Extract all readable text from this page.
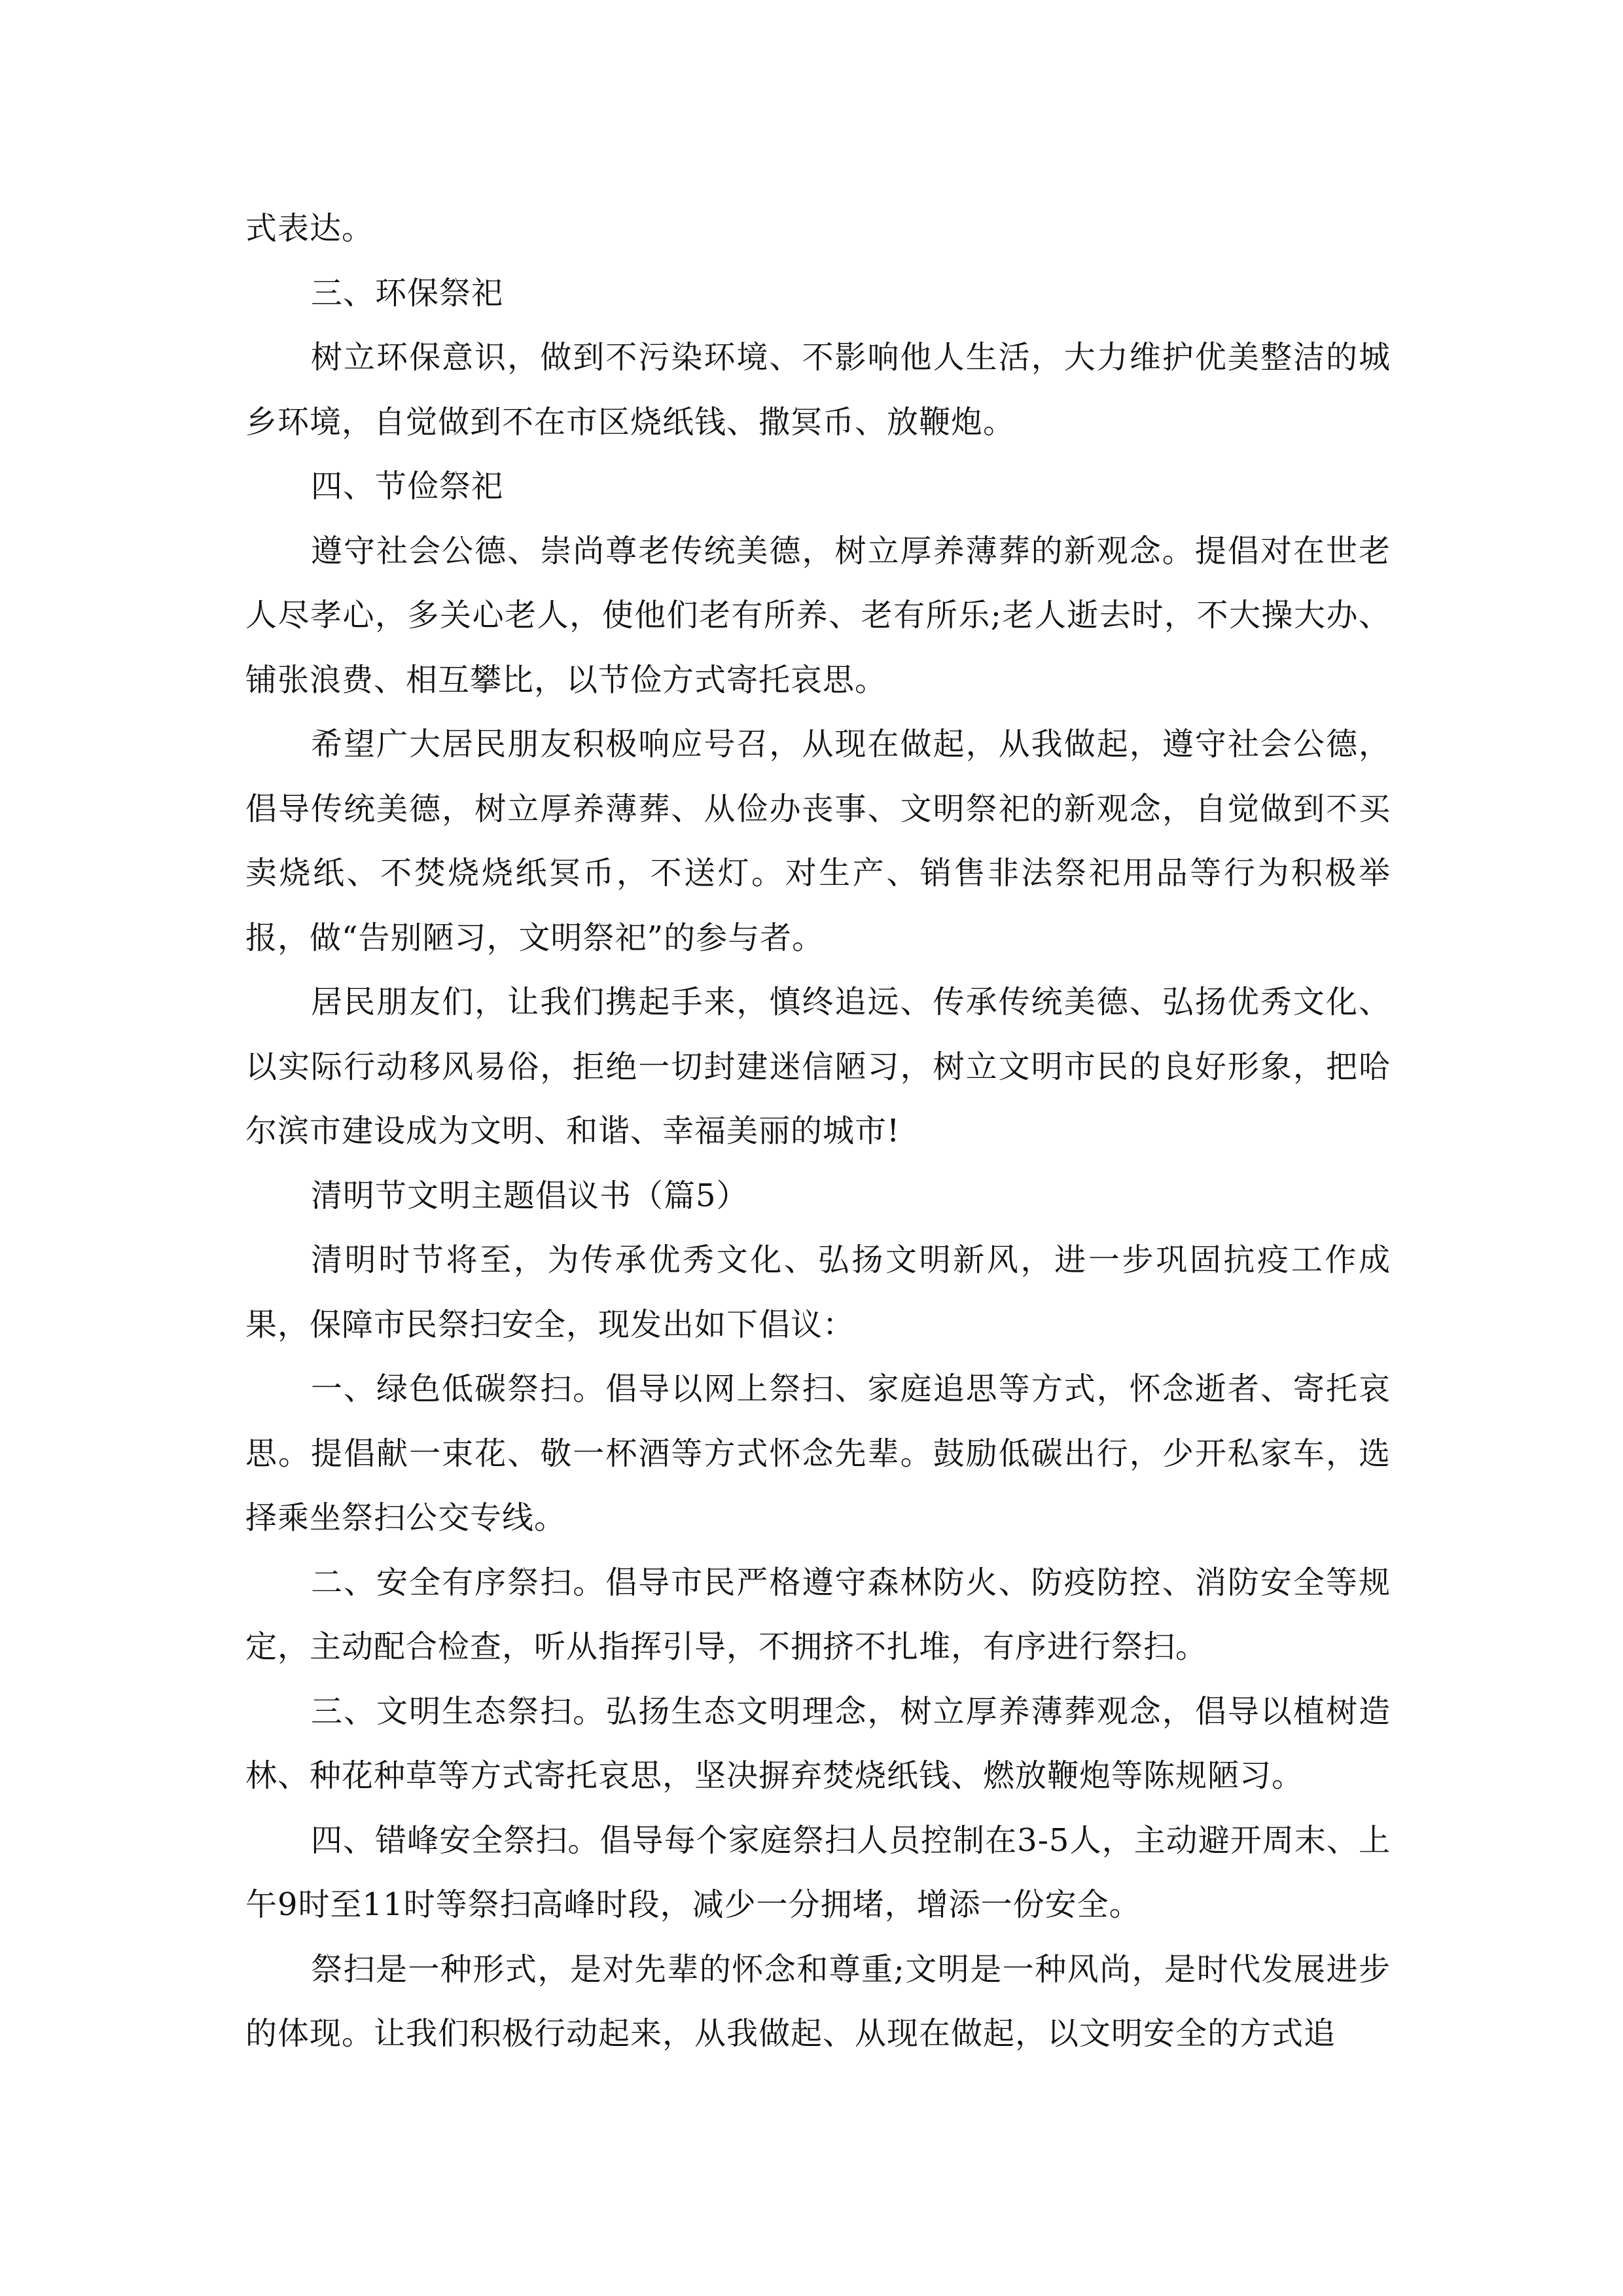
式表达。

三、环保祭祀

树立环保意识，做到不污染环境、不影响他人生活，大力维护优美整洁的城乡环境，自觉做到不在市区烧纸钱、撒冥币、放鞭炮。

四、节俭祭祀

遵守社会公德、崇尚尊老传统美德，树立厚养薄葬的新观念。提倡对在世老人尽孝心，多关心老人，使他们老有所养、老有所乐;老人逝去时，不大操大办、铺张浪费、相互攀比，以节俭方式寄托哀思。

希望广大居民朋友积极响应号召，从现在做起，从我做起，遵守社会公德，倡导传统美德，树立厚养薄葬、从俭办丧事、文明祭祀的新观念，自觉做到不买卖烧纸、不焚烧烧纸冥币，不送灯。对生产、销售非法祭祀用品等行为积极举报，做“告别陋习，文明祭祀”的参与者。

居民朋友们，让我们携起手来，慎终追远、传承传统美德、弘扬优秀文化、以实际行动移风易俗，拒绝一切封建迷信陋习，树立文明市民的良好形象，把哈尔滨市建设成为文明、和谐、幸福美丽的城市!

清明节文明主题倡议书（篇5）

清明时节将至，为传承优秀文化、弘扬文明新风，进一步巩固抗疫工作成果，保障市民祭扫安全，现发出如下倡议：

一、绿色低碳祭扫。倡导以网上祭扫、家庭追思等方式，怀念逝者、寄托哀思。提倡献一束花、敬一杯酒等方式怀念先辈。鼓励低碳出行，少开私家车，选择乘坐祭扫公交专线。

二、安全有序祭扫。倡导市民严格遵守森林防火、防疫防控、消防安全等规定，主动配合检查，听从指挥引导，不拥挤不扎堆，有序进行祭扫。

三、文明生态祭扫。弘扬生态文明理念，树立厚养薄葬观念，倡导以植树造林、种花种草等方式寄托哀思，坚决摒弃焚烧纸钱、燃放鞭炮等陈规陋习。

四、错峰安全祭扫。倡导每个家庭祭扫人员控制在3-5人，主动避开周末、上午9时至11时等祭扫高峰时段，减少一分拥堵，增添一份安全。

祭扫是一种形式，是对先辈的怀念和尊重;文明是一种风尚，是时代发展进步的体现。让我们积极行动起来，从我做起、从现在做起，以文明安全的方式追
